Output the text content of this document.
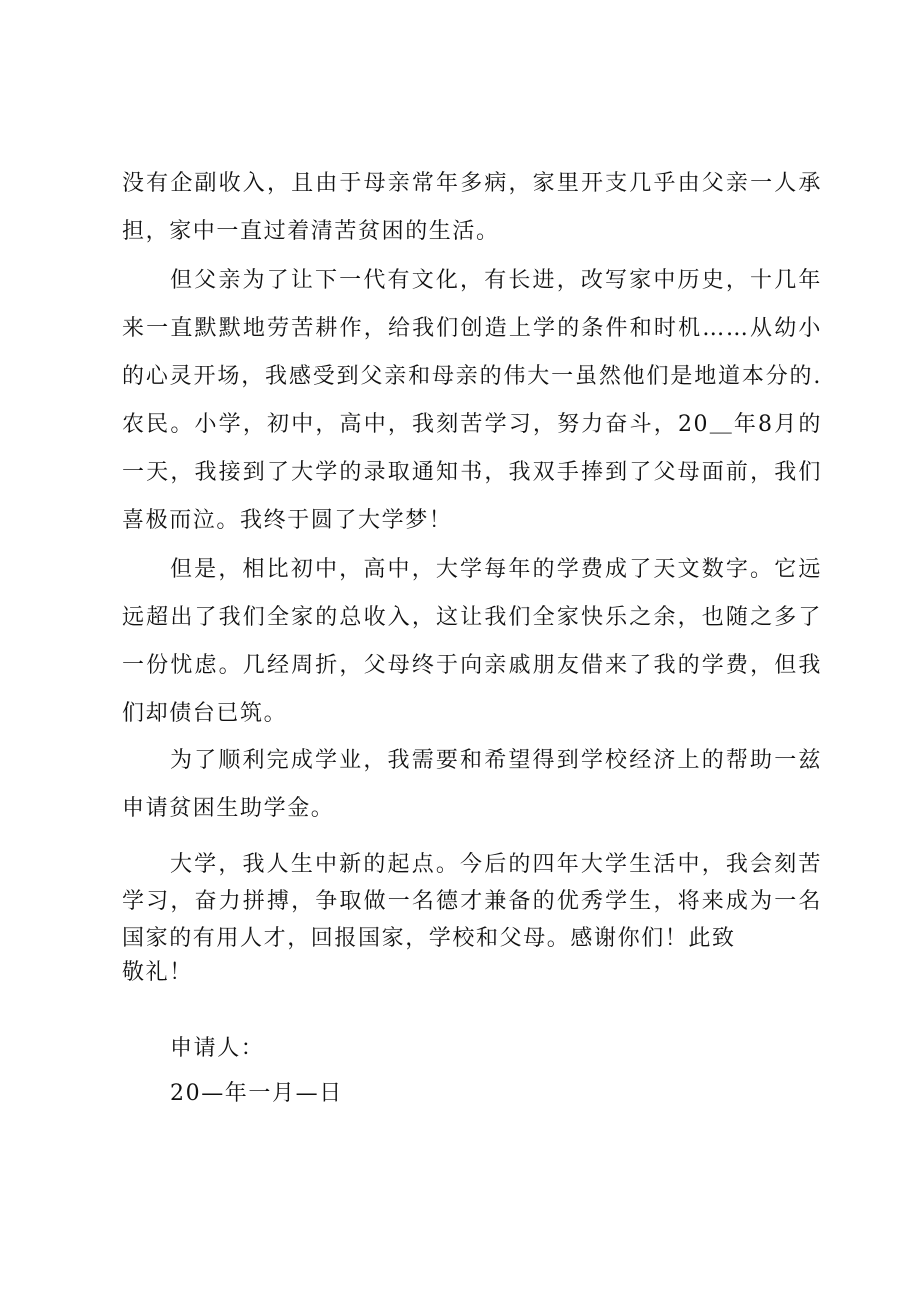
没有企副收入，且由于母亲常年多病，家里开支几乎由父亲一人承担，家中一直过着清苦贫困的生活。

但父亲为了让下一代有文化，有长进，改写家中历史，十几年来一直默默地劳苦耕作，给我们创造上学的条件和时机……从幼小的心灵开场，我感受到父亲和母亲的伟大一虽然他们是地道本分的.农民。小学，初中，高中，我刻苦学习，努力奋斗，20＿年8月的一天，我接到了大学的录取通知书，我双手捧到了父母面前，我们喜极而泣。我终于圆了大学梦！

但是，相比初中，高中，大学每年的学费成了天文数字。它远远超出了我们全家的总收入，这让我们全家快乐之余，也随之多了一份忧虑。几经周折，父母终于向亲戚朋友借来了我的学费，但我们却债台已筑。

为了顺利完成学业，我需要和希望得到学校经济上的帮助一兹申请贫困生助学金。

大学，我人生中新的起点。今后的四年大学生活中，我会刻苦学习，奋力拼搏，争取做一名德才兼备的优秀学生，将来成为一名国家的有用人才，回报国家，学校和父母。感谢你们！此致

敬礼！

申请人：

20—年一月—日
